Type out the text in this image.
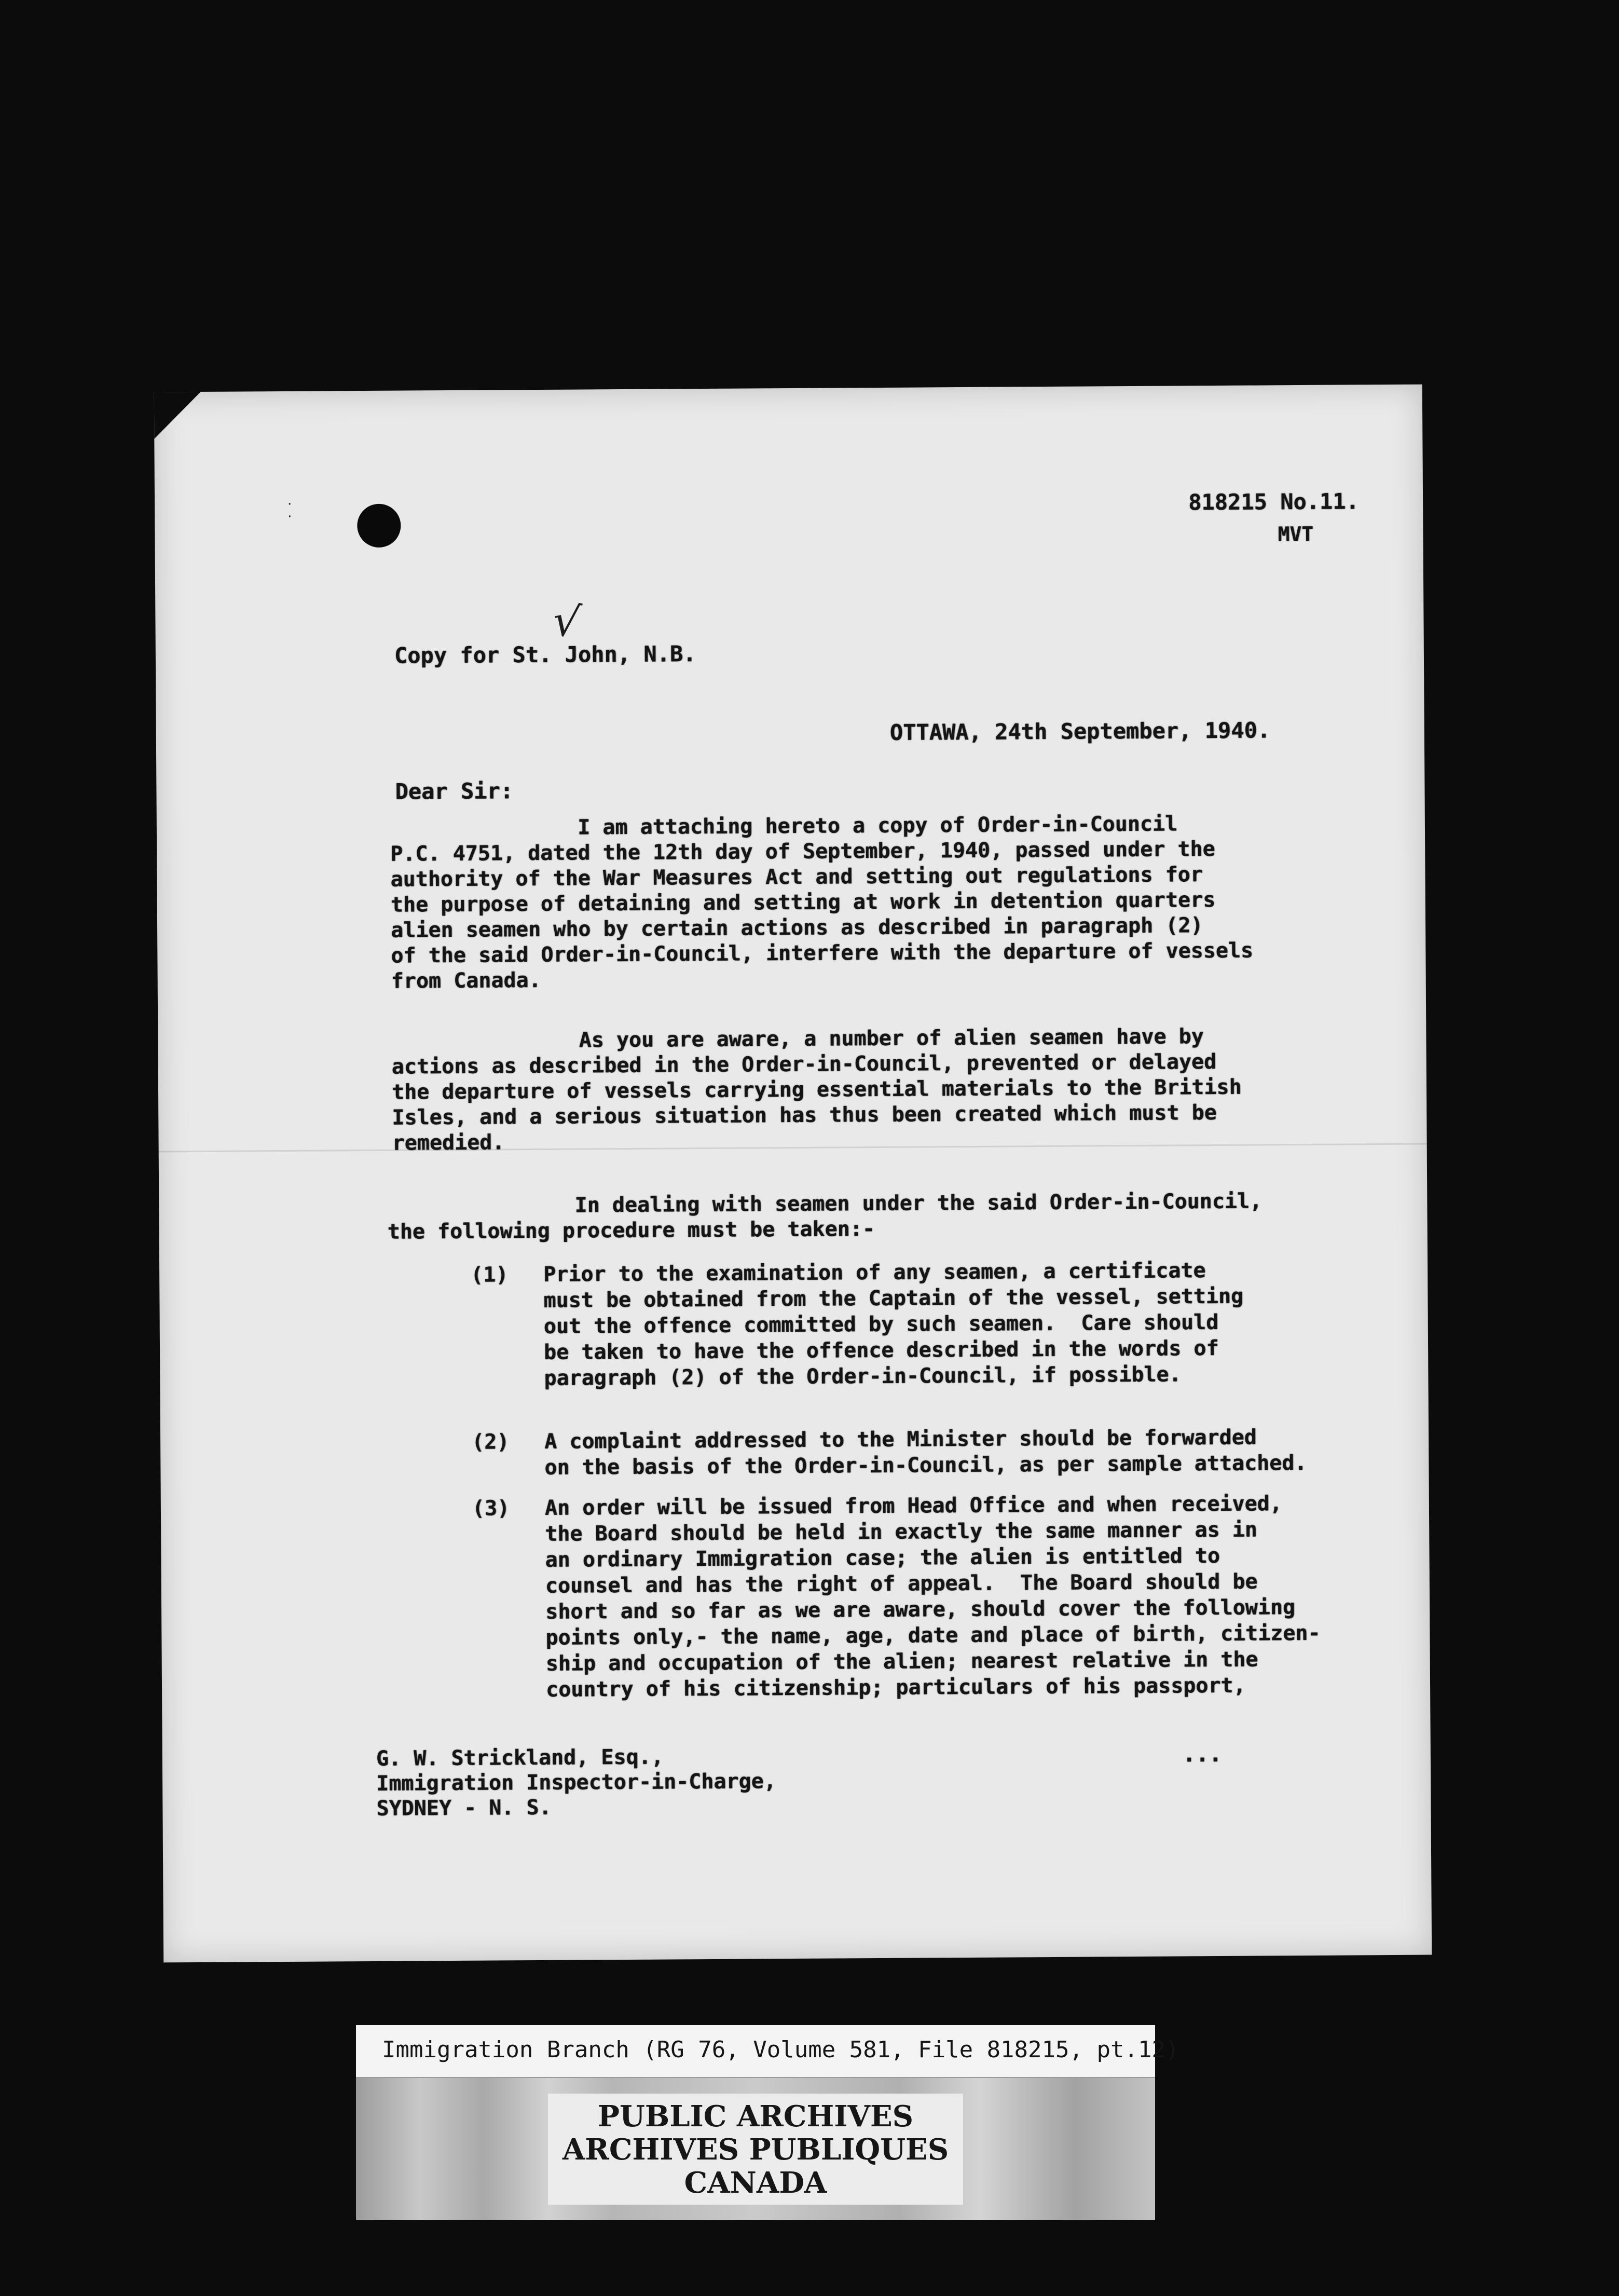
·
·
818215 No.11.
MVT
√
Copy for St. John, N.B.
OTTAWA, 24th September, 1940.
Dear Sir:
I am attaching hereto a copy of Order-in-Council
P.C. 4751, dated the 12th day of September, 1940, passed under the
authority of the War Measures Act and setting out regulations for
the purpose of detaining and setting at work in detention quarters
alien seamen who by certain actions as described in paragraph (2)
of the said Order-in-Council, interfere with the departure of vessels
from Canada.
As you are aware, a number of alien seamen have by
actions as described in the Order-in-Council, prevented or delayed
the departure of vessels carrying essential materials to the British
Isles, and a serious situation has thus been created which must be
remedied.
In dealing with seamen under the said Order-in-Council,
the following procedure must be taken:-
(1) Prior to the examination of any seamen, a certificate
must be obtained from the Captain of the vessel, setting
out the offence committed by such seamen.  Care should
be taken to have the offence described in the words of
paragraph (2) of the Order-in-Council, if possible.
(2) A complaint addressed to the Minister should be forwarded
on the basis of the Order-in-Council, as per sample attached.
(3) An order will be issued from Head Office and when received,
the Board should be held in exactly the same manner as in
an ordinary Immigration case; the alien is entitled to
counsel and has the right of appeal.  The Board should be
short and so far as we are aware, should cover the following
points only,- the name, age, date and place of birth, citizen-
ship and occupation of the alien; nearest relative in the
country of his citizenship; particulars of his passport,
G. W. Strickland, Esq.,
Immigration Inspector-in-Charge,
SYDNEY - N. S.
...
Immigration Branch (RG 76, Volume 581, File 818215, pt.12)
PUBLIC ARCHIVES
ARCHIVES PUBLIQUES
CANADA
